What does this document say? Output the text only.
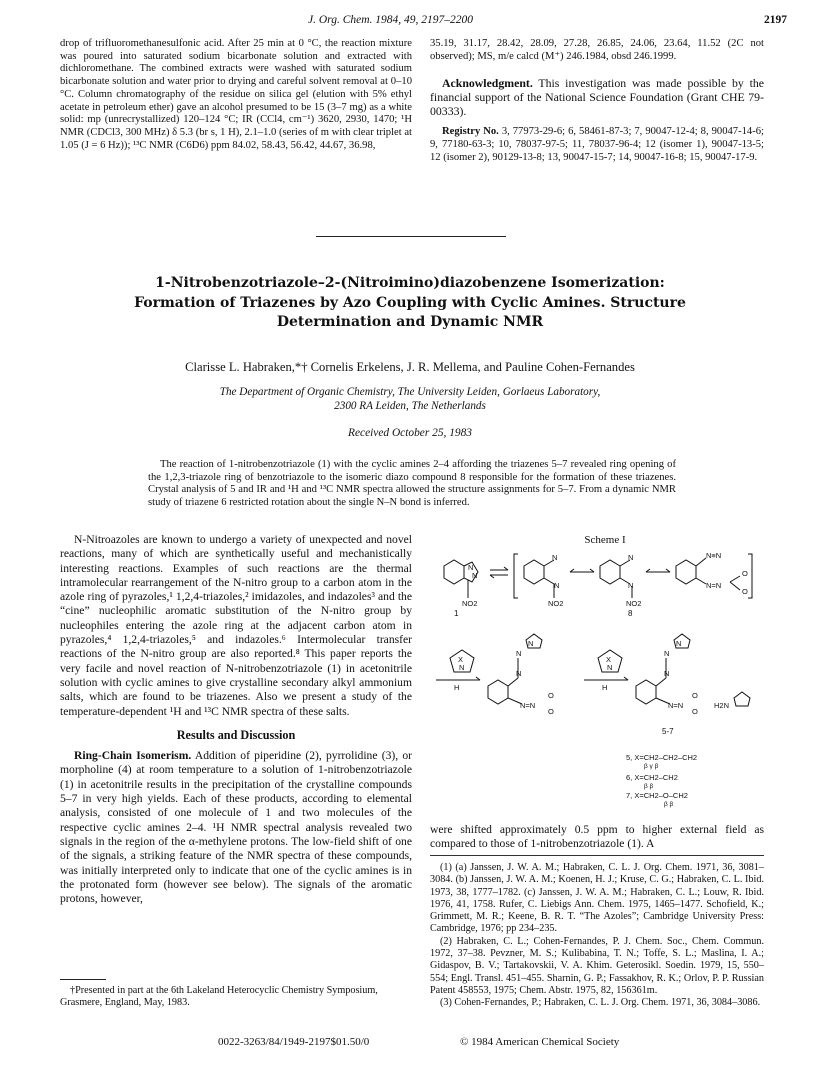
J. Org. Chem. 1984, 49, 2197–2200	2197

drop of trifluoromethanesulfonic acid. After 25 min at 0 °C, the reaction mixture was poured into saturated sodium bicarbonate solution and extracted with dichloromethane. The combined extracts were washed with saturated sodium bicarbonate solution and water prior to drying and careful solvent removal at 0–10 °C. Column chromatography of the residue on silica gel (elution with 5% ethyl acetate in petroleum ether) gave an alcohol presumed to be 15 (3–7 mg) as a white solid: mp (unrecrystallized) 120–124 °C; IR (CCl4, cm⁻¹) 3620, 2930, 1470; ¹H NMR (CDCl3, 300 MHz) δ 5.3 (br s, 1 H), 2.1–1.0 (series of m with clear triplet at 1.05 (J = 6 Hz)); ¹³C NMR (C6D6) ppm 84.02, 58.43, 56.42, 44.67, 36.98,

35.19, 31.17, 28.42, 28.09, 27.28, 26.85, 24.06, 23.64, 11.52 (2C not observed); MS, m/e calcd (M⁺) 246.1984, obsd 246.1999.

Acknowledgment. This investigation was made possible by the financial support of the National Science Foundation (Grant CHE 79-00333).

Registry No. 3, 77973-29-6; 6, 58461-87-3; 7, 90047-12-4; 8, 90047-14-6; 9, 77180-63-3; 10, 78037-97-5; 11, 78037-96-4; 12 (isomer 1), 90047-13-5; 12 (isomer 2), 90129-13-8; 13, 90047-15-7; 14, 90047-16-8; 15, 90047-17-9.

1-Nitrobenzotriazole–2-(Nitroimino)diazobenzene Isomerization: Formation of Triazenes by Azo Coupling with Cyclic Amines. Structure Determination and Dynamic NMR
Clarisse L. Habraken,*† Cornelis Erkelens, J. R. Mellema, and Pauline Cohen-Fernandes
The Department of Organic Chemistry, The University Leiden, Gorlaeus Laboratory,
2300 RA Leiden, The Netherlands
Received October 25, 1983
The reaction of 1-nitrobenzotriazole (1) with the cyclic amines 2–4 affording the triazenes 5–7 revealed ring opening of the 1,2,3-triazole ring of benzotriazole to the isomeric diazo compound 8 responsible for the formation of these triazenes. Crystal analysis of 5 and IR and ¹H and ¹³C NMR spectra allowed the structure assignments for 5–7. From a dynamic NMR study of triazene 6 restricted rotation about the single N–N bond is inferred.

N-Nitroazoles are known to undergo a variety of unexpected and novel reactions, many of which are synthetically useful and mechanistically interesting reactions. Examples of such reactions are the thermal intramolecular rearrangement of the N-nitro group to a carbon atom in the azole ring of pyrazoles,¹ 1,2,4-triazoles,² imidazoles, and indazoles³ and the “cine” nucleophilic aromatic substitution of the N-nitro group by nucleophiles entering the azole ring at the adjacent carbon atom in pyrazoles,⁴ 1,2,4-triazoles,⁵ and indazoles.⁶ Intermolecular transfer reactions of the N-nitro group are also reported.⁸ This paper reports the very facile and novel reaction of N-nitrobenzotriazole (1) in acetonitrile solution with cyclic amines to give crystalline secondary alkyl ammonium salts, which are found to be triazenes. Also we present a study of the temperature-dependent ¹H and ¹³C NMR spectra of these salts.

Results and Discussion

Ring-Chain Isomerism. Addition of piperidine (2), pyrrolidine (3), or morpholine (4) at room temperature to a solution of 1-nitrobenzotriazole (1) in acetonitrile results in the precipitation of the crystalline compounds 5–7 in very high yields. Each of these products, according to elemental analysis, consisted of one molecule of 1 and two molecules of the respective cyclic amines 2–4. ¹H NMR spectral analysis revealed two signals in the region of the α-methylene protons. The low-field shift of one of the signals, a striking feature of the NMR spectra of these compounds, was initially interpreted only to indicate that one of the cyclic amines is in the protonated form (however see below). The signals of the aromatic protons, however,

†Presented in part at the 6th Lakeland Heterocyclic Chemistry Symposium, Grasmere, England, May, 1983.
Scheme I
N
N
NO2
1
N
N
NO2
N
N
NO2
8
N≡N
N=N
O
O
X
N
H
N
N
N
N=N
O
O
X
N
H
N
N
N
N=N
O
O
H2N
5-7
5, X=CH2–CH2–CH2
β γ β
6, X=CH2–CH2
β β
7, X=CH2–O–CH2
β β
were shifted approximately 0.5 ppm to higher external field as compared to those of 1-nitrobenzotriazole (1). A

(1) (a) Janssen, J. W. A. M.; Habraken, C. L. J. Org. Chem. 1971, 36, 3081–3084. (b) Janssen, J. W. A. M.; Koenen, H. J.; Kruse, C. G.; Habraken, C. L. Ibid. 1973, 38, 1777–1782. (c) Janssen, J. W. A. M.; Habraken, C. L.; Louw, R. Ibid. 1976, 41, 1758. Rufer, C. Liebigs Ann. Chem. 1975, 1465–1477. Schofield, K.; Grimmett, M. R.; Keene, B. R. T. “The Azoles”; Cambridge University Press: Cambridge, 1976; pp 234–235.

(2) Habraken, C. L.; Cohen-Fernandes, P. J. Chem. Soc., Chem. Commun. 1972, 37–38. Pevzner, M. S.; Kulibabina, T. N.; Toffe, S. L.; Maslina, I. A.; Gidaspov, B. V.; Tartakovskii, V. A. Khim. Geterosikl. Soedin. 1979, 15, 550–554; Engl. Transl. 451–455. Sharnin, G. P.; Fassakhov, R. K.; Orlov, P. P. Russian Patent 458553, 1975; Chem. Abstr. 1975, 82, 156361m.

(3) Cohen-Fernandes, P.; Habraken, C. L. J. Org. Chem. 1971, 36, 3084–3086.

0022-3263/84/1949-2197$01.50/0	© 1984 American Chemical Society
